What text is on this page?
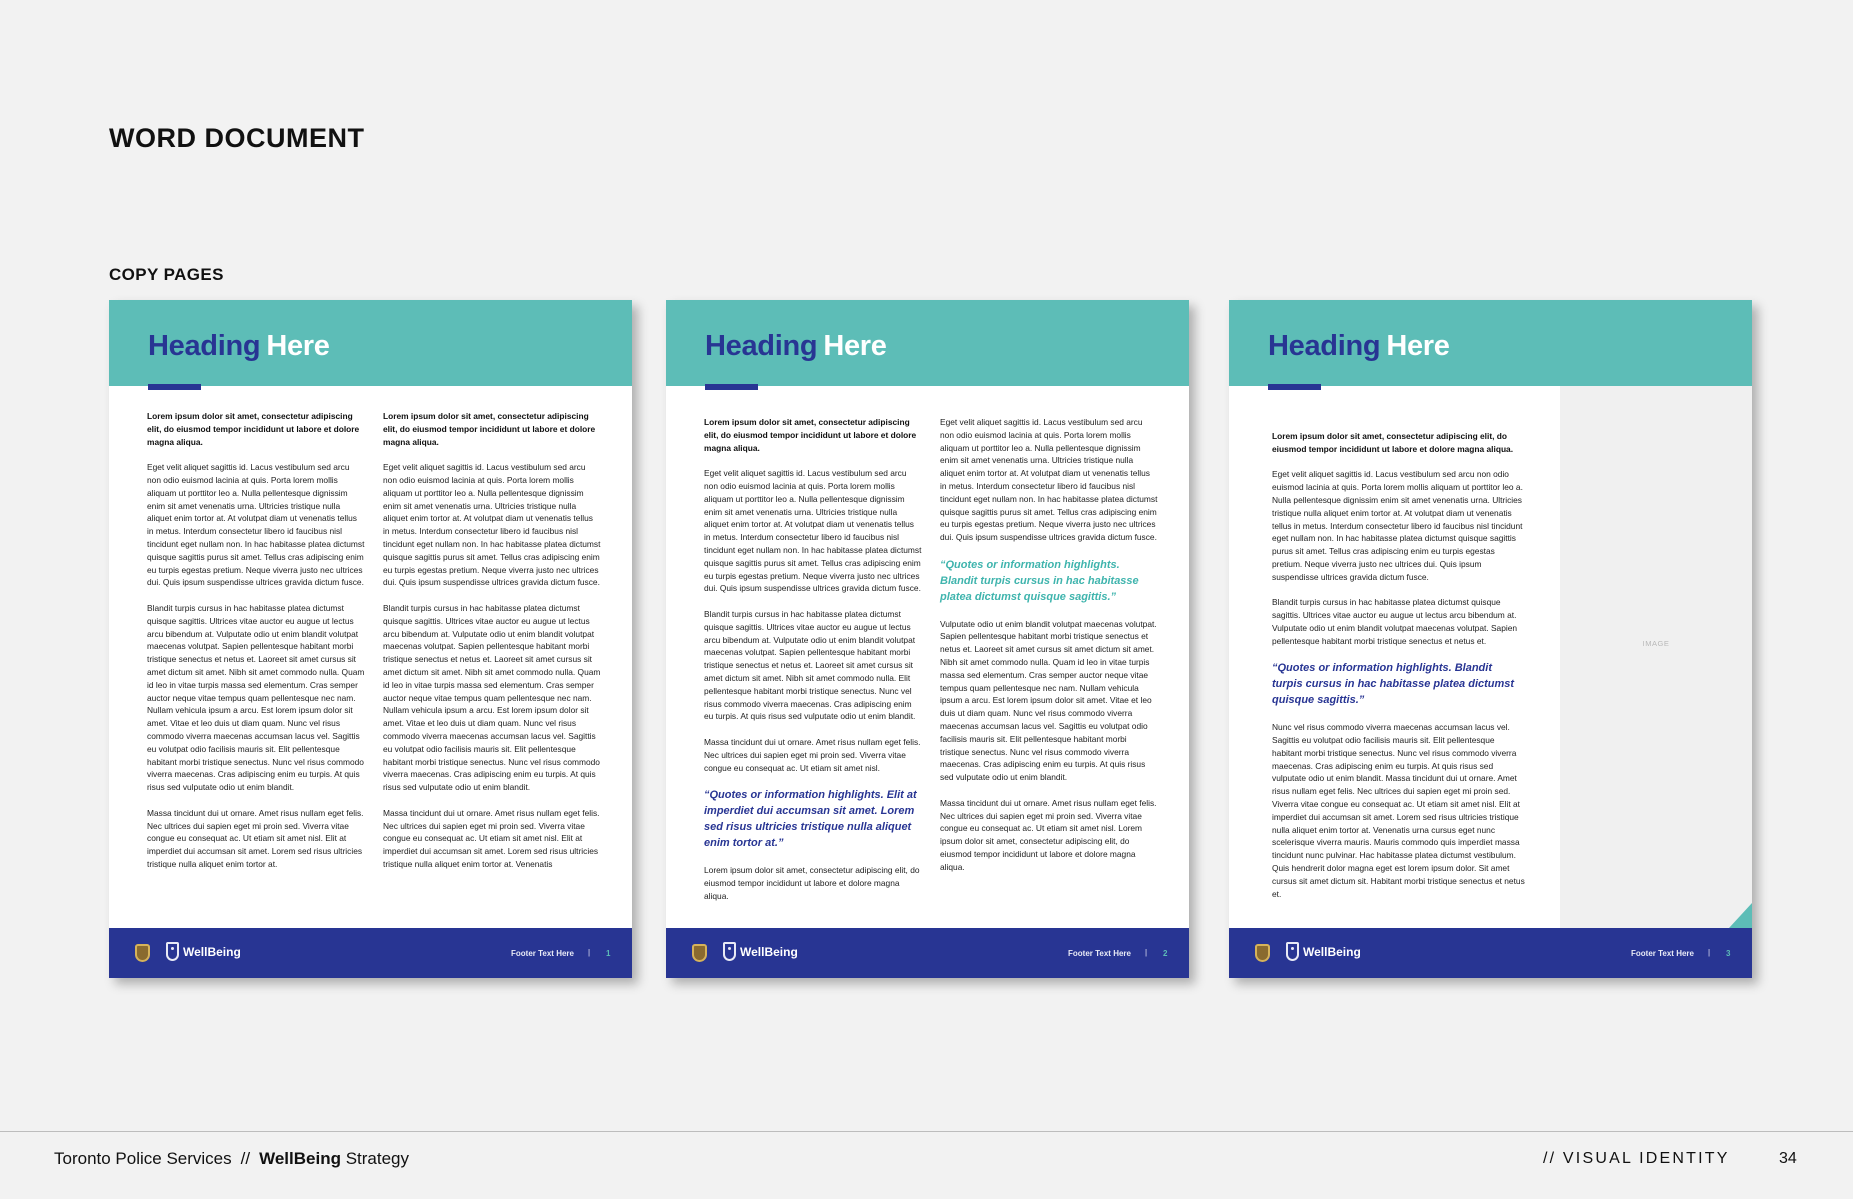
WORD DOCUMENT
COPY PAGES
Heading Here

Lorem ipsum dolor sit amet, consectetur adipiscing elit, do eiusmod tempor incididunt ut labore et dolore magna aliqua.

Eget velit aliquet sagittis id. Lacus vestibulum sed arcu non odio euismod lacinia at quis. Porta lorem mollis aliquam ut porttitor leo a. Nulla pellentesque dignissim enim sit amet venenatis urna. Ultricies tristique nulla aliquet enim tortor at. At volutpat diam ut venenatis tellus in metus. Interdum consectetur libero id faucibus nisl tincidunt eget nullam non. In hac habitasse platea dictumst quisque sagittis purus sit amet. Tellus cras adipiscing enim eu turpis egestas pretium. Neque viverra justo nec ultrices dui. Quis ipsum suspendisse ultrices gravida dictum fusce.

Blandit turpis cursus in hac habitasse platea dictumst quisque sagittis. Ultrices vitae auctor eu augue ut lectus arcu bibendum at. Vulputate odio ut enim blandit volutpat maecenas volutpat. Sapien pellentesque habitant morbi tristique senectus et netus et. Laoreet sit amet cursus sit amet dictum sit amet. Nibh sit amet commodo nulla. Quam id leo in vitae turpis massa sed elementum. Cras semper auctor neque vitae tempus quam pellentesque nec nam. Nullam vehicula ipsum a arcu. Est lorem ipsum dolor sit amet. Vitae et leo duis ut diam quam. Nunc vel risus commodo viverra maecenas accumsan lacus vel. Sagittis eu volutpat odio facilisis mauris sit. Elit pellentesque habitant morbi tristique senectus. Nunc vel risus commodo viverra maecenas. Cras adipiscing enim eu turpis. At quis risus sed vulputate odio ut enim blandit.

Massa tincidunt dui ut ornare. Amet risus nullam eget felis. Nec ultrices dui sapien eget mi proin sed. Viverra vitae congue eu consequat ac. Ut etiam sit amet nisl. Elit at imperdiet dui accumsan sit amet. Lorem sed risus ultricies tristique nulla aliquet enim tortor at.

Lorem ipsum dolor sit amet, consectetur adipiscing elit, do eiusmod tempor incididunt ut labore et dolore magna aliqua.

Eget velit aliquet sagittis id. Lacus vestibulum sed arcu non odio euismod lacinia at quis. Porta lorem mollis aliquam ut porttitor leo a. Nulla pellentesque dignissim enim sit amet venenatis urna. Ultricies tristique nulla aliquet enim tortor at. At volutpat diam ut venenatis tellus in metus. Interdum consectetur libero id faucibus nisl tincidunt eget nullam non. In hac habitasse platea dictumst quisque sagittis purus sit amet. Tellus cras adipiscing enim eu turpis egestas pretium. Neque viverra justo nec ultrices dui. Quis ipsum suspendisse ultrices gravida dictum fusce.

Blandit turpis cursus in hac habitasse platea dictumst quisque sagittis. Ultrices vitae auctor eu augue ut lectus arcu bibendum at. Vulputate odio ut enim blandit volutpat maecenas volutpat. Sapien pellentesque habitant morbi tristique senectus et netus et. Laoreet sit amet cursus sit amet dictum sit amet. Nibh sit amet commodo nulla. Quam id leo in vitae turpis massa sed elementum. Cras semper auctor neque vitae tempus quam pellentesque nec nam. Nullam vehicula ipsum a arcu. Est lorem ipsum dolor sit amet. Vitae et leo duis ut diam quam. Nunc vel risus commodo viverra maecenas accumsan lacus vel. Sagittis eu volutpat odio facilisis mauris sit. Elit pellentesque habitant morbi tristique senectus. Nunc vel risus commodo viverra maecenas. Cras adipiscing enim eu turpis. At quis risus sed vulputate odio ut enim blandit.

Massa tincidunt dui ut ornare. Amet risus nullam eget felis. Nec ultrices dui sapien eget mi proin sed. Viverra vitae congue eu consequat ac. Ut etiam sit amet nisl. Elit at imperdiet dui accumsan sit amet. Lorem sed risus ultricies tristique nulla aliquet enim tortor at. Venenatis

WellBeing	Footer Text Here | 1
Heading Here

Lorem ipsum dolor sit amet, consectetur adipiscing elit, do eiusmod tempor incididunt ut labore et dolore magna aliqua.

Eget velit aliquet sagittis id. Lacus vestibulum sed arcu non odio euismod lacinia at quis. Porta lorem mollis aliquam ut porttitor leo a. Nulla pellentesque dignissim enim sit amet venenatis urna. Ultricies tristique nulla aliquet enim tortor at. At volutpat diam ut venenatis tellus in metus. Interdum consectetur libero id faucibus nisl tincidunt eget nullam non. In hac habitasse platea dictumst quisque sagittis purus sit amet. Tellus cras adipiscing enim eu turpis egestas pretium. Neque viverra justo nec ultrices dui. Quis ipsum suspendisse ultrices gravida dictum fusce.

Blandit turpis cursus in hac habitasse platea dictumst quisque sagittis. Ultrices vitae auctor eu augue ut lectus arcu bibendum at. Vulputate odio ut enim blandit volutpat maecenas volutpat. Sapien pellentesque habitant morbi tristique senectus et netus et. Laoreet sit amet cursus sit amet dictum sit amet. Nibh sit amet commodo nulla. Elit pellentesque habitant morbi tristique senectus. Nunc vel risus commodo viverra maecenas. Cras adipiscing enim eu turpis. At quis risus sed vulputate odio ut enim blandit.

Massa tincidunt dui ut ornare. Amet risus nullam eget felis. Nec ultrices dui sapien eget mi proin sed. Viverra vitae congue eu consequat ac. Ut etiam sit amet nisl.

“Quotes or information highlights. Elit at imperdiet dui accumsan sit amet. Lorem sed risus ultricies tristique nulla aliquet enim tortor at.”

Lorem ipsum dolor sit amet, consectetur adipiscing elit, do eiusmod tempor incididunt ut labore et dolore magna aliqua.

Eget velit aliquet sagittis id. Lacus vestibulum sed arcu non odio euismod lacinia at quis. Porta lorem mollis aliquam ut porttitor leo a. Nulla pellentesque dignissim enim sit amet venenatis urna. Ultricies tristique nulla aliquet enim tortor at. At volutpat diam ut venenatis tellus in metus. Interdum consectetur libero id faucibus nisl tincidunt eget nullam non. In hac habitasse platea dictumst quisque sagittis purus sit amet. Tellus cras adipiscing enim eu turpis egestas pretium. Neque viverra justo nec ultrices dui. Quis ipsum suspendisse ultrices gravida dictum fusce.

“Quotes or information highlights. Blandit turpis cursus in hac habitasse platea dictumst quisque sagittis.”

Vulputate odio ut enim blandit volutpat maecenas volutpat. Sapien pellentesque habitant morbi tristique senectus et netus et. Laoreet sit amet cursus sit amet dictum sit amet. Nibh sit amet commodo nulla. Quam id leo in vitae turpis massa sed elementum. Cras semper auctor neque vitae tempus quam pellentesque nec nam. Nullam vehicula ipsum a arcu. Est lorem ipsum dolor sit amet. Vitae et leo duis ut diam quam. Nunc vel risus commodo viverra maecenas accumsan lacus vel. Sagittis eu volutpat odio facilisis mauris sit. Elit pellentesque habitant morbi tristique senectus. Nunc vel risus commodo viverra maecenas. Cras adipiscing enim eu turpis. At quis risus sed vulputate odio ut enim blandit.

Massa tincidunt dui ut ornare. Amet risus nullam eget felis. Nec ultrices dui sapien eget mi proin sed. Viverra vitae congue eu consequat ac. Ut etiam sit amet nisl. Lorem ipsum dolor sit amet, consectetur adipiscing elit, do eiusmod tempor incididunt ut labore et dolore magna aliqua.

WellBeing	Footer Text Here | 2
Heading Here
IMAGE

Lorem ipsum dolor sit amet, consectetur adipiscing elit, do eiusmod tempor incididunt ut labore et dolore magna aliqua.

Eget velit aliquet sagittis id. Lacus vestibulum sed arcu non odio euismod lacinia at quis. Porta lorem mollis aliquam ut porttitor leo a. Nulla pellentesque dignissim enim sit amet venenatis urna. Ultricies tristique nulla aliquet enim tortor at. At volutpat diam ut venenatis tellus in metus. Interdum consectetur libero id faucibus nisl tincidunt eget nullam non. In hac habitasse platea dictumst quisque sagittis purus sit amet. Tellus cras adipiscing enim eu turpis egestas pretium. Neque viverra justo nec ultrices dui. Quis ipsum suspendisse ultrices gravida dictum fusce.

Blandit turpis cursus in hac habitasse platea dictumst quisque sagittis. Ultrices vitae auctor eu augue ut lectus arcu bibendum at. Vulputate odio ut enim blandit volutpat maecenas volutpat. Sapien pellentesque habitant morbi tristique senectus et netus et.

“Quotes or information highlights. Blandit turpis cursus in hac habitasse platea dictumst quisque sagittis.”

Nunc vel risus commodo viverra maecenas accumsan lacus vel. Sagittis eu volutpat odio facilisis mauris sit. Elit pellentesque habitant morbi tristique senectus. Nunc vel risus commodo viverra maecenas. Cras adipiscing enim eu turpis. At quis risus sed vulputate odio ut enim blandit. Massa tincidunt dui ut ornare. Amet risus nullam eget felis. Nec ultrices dui sapien eget mi proin sed. Viverra vitae congue eu consequat ac. Ut etiam sit amet nisl. Elit at imperdiet dui accumsan sit amet. Lorem sed risus ultricies tristique nulla aliquet enim tortor at. Venenatis urna cursus eget nunc scelerisque viverra mauris. Mauris commodo quis imperdiet massa tincidunt nunc pulvinar. Hac habitasse platea dictumst vestibulum. Quis hendrerit dolor magna eget est lorem ipsum dolor. Sit amet cursus sit amet dictum sit. Habitant morbi tristique senectus et netus et.

WellBeing	Footer Text Here | 3
Toronto Police Services // WellBeing Strategy	// VISUAL IDENTITY	34
